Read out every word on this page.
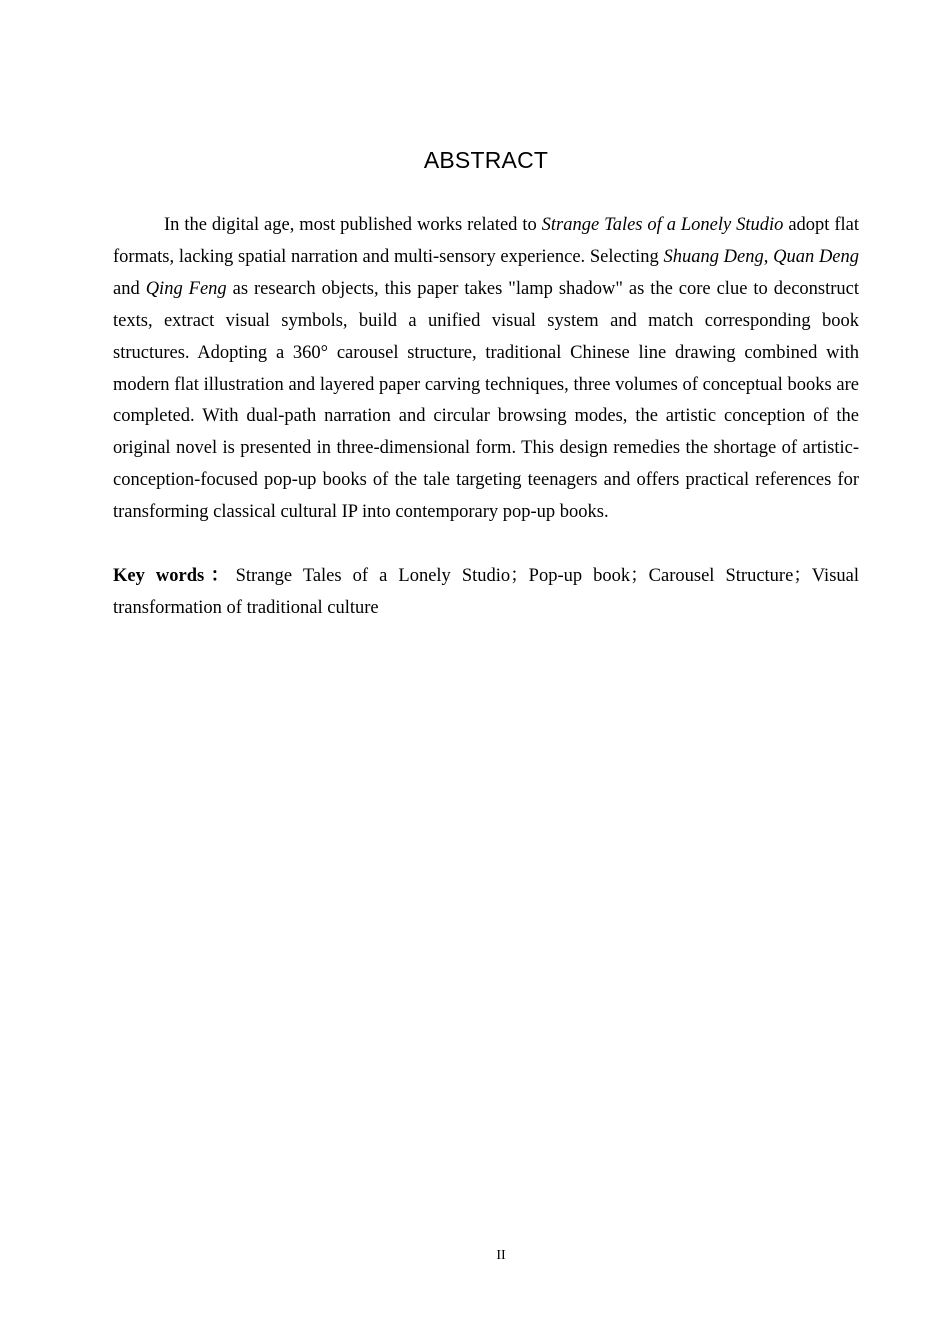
ABSTRACT

In the digital age, most published works related to Strange Tales of a Lonely Studio adopt flat formats, lacking spatial narration and multi-sensory experience. Selecting Shuang Deng, Quan Deng and Qing Feng as research objects, this paper takes "lamp shadow" as the core clue to deconstruct texts, extract visual symbols, build a unified visual system and match corresponding book structures. Adopting a 360° carousel structure, traditional Chinese line drawing combined with modern flat illustration and layered paper carving techniques, three volumes of conceptual books are completed. With dual-path narration and circular browsing modes, the artistic conception of the original novel is presented in three-dimensional form. This design remedies the shortage of artistic-conception-focused pop-up books of the tale targeting teenagers and offers practical references for transforming classical cultural IP into contemporary pop-up books.

Key words：Strange Tales of a Lonely Studio；Pop-up book；Carousel Structure；Visual transformation of traditional culture

II
